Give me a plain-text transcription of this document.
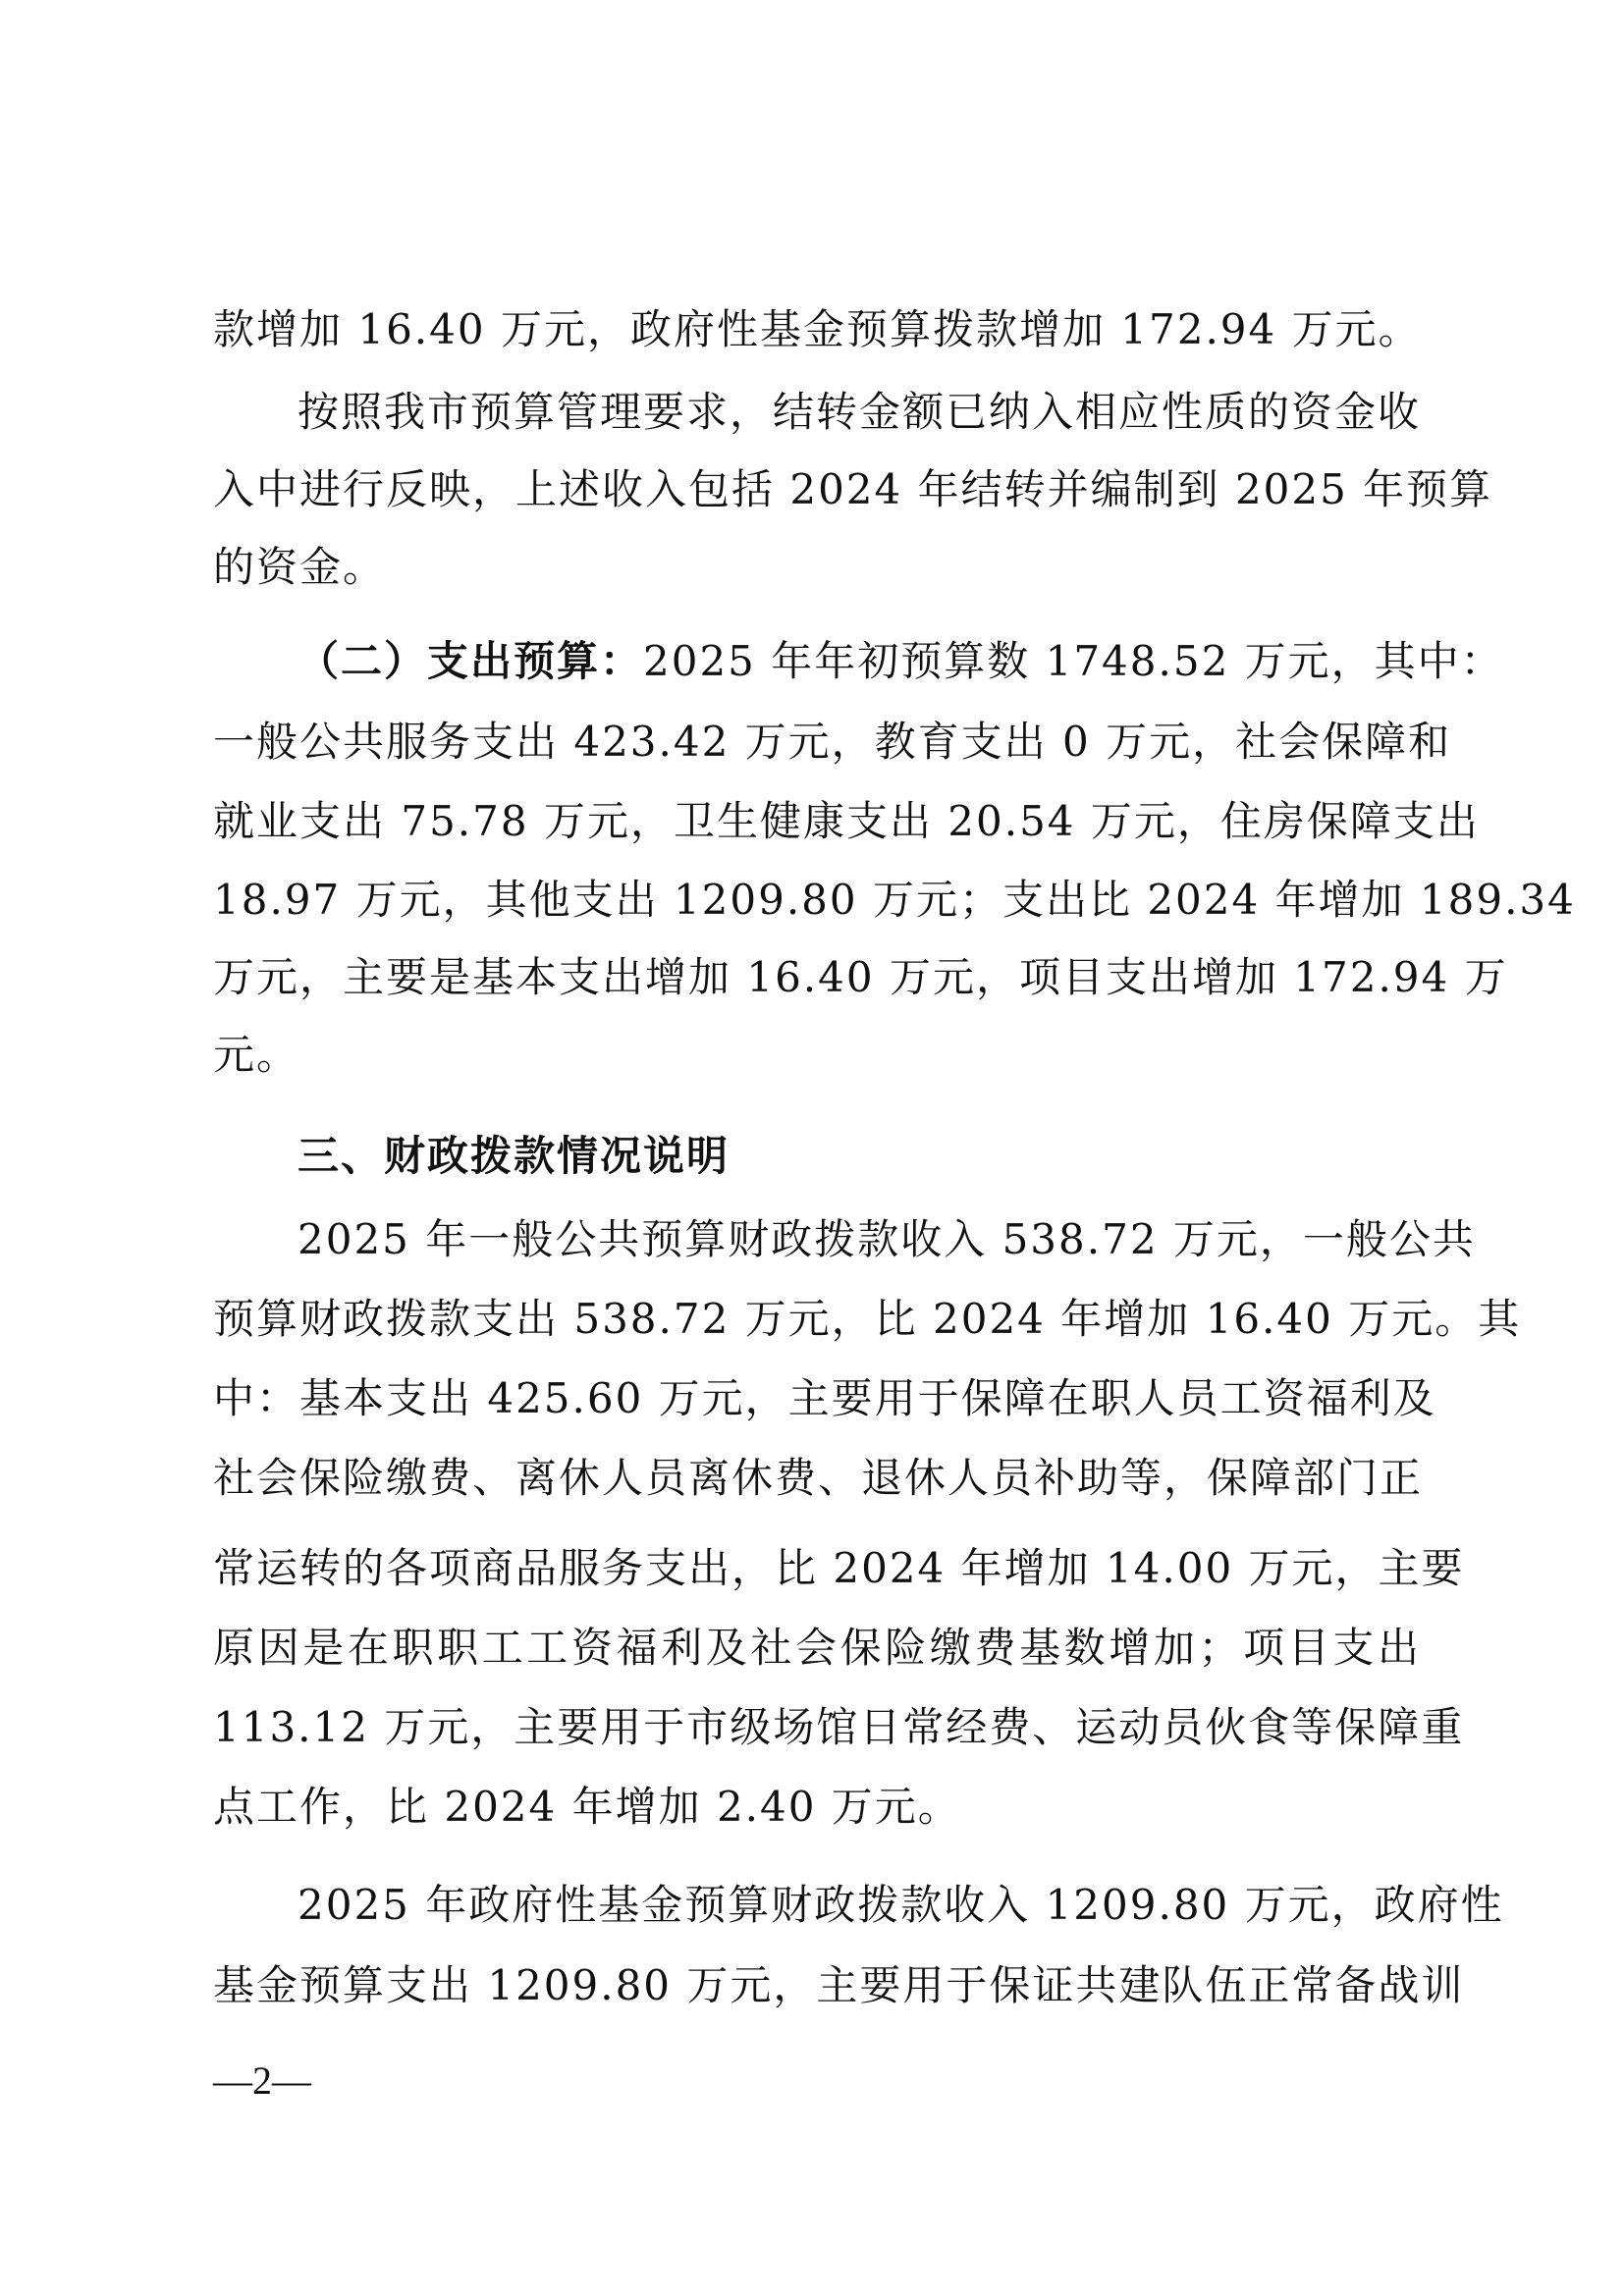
款增加 16.40 万元，政府性基金预算拨款增加 172.94 万元。
按照我市预算管理要求，结转金额已纳入相应性质的资金收
入中进行反映，上述收入包括 2024 年结转并编制到 2025 年预算
的资金。
（二）支出预算： 2025 年年初预算数 1748.52 万元，其中：
一般公共服务支出 423.42 万元，教育支出 0 万元，社会保障和
就业支出 75.78 万元，卫生健康支出 20.54 万元，住房保障支出
18.97 万元，其他支出 1209.80 万元；支出比 2024 年增加 189.34
万元，主要是基本支出增加 16.40 万元，项目支出增加 172.94 万
元。
三、财政拨款情况说明
2025 年一般公共预算财政拨款收入 538.72 万元，一般公共
预算财政拨款支出 538.72 万元，比 2024 年增加 16.40 万元。其
中：基本支出 425.60 万元，主要用于保障在职人员工资福利及
社会保险缴费、离休人员离休费、退休人员补助等，保障部门正
常运转的各项商品服务支出，比 2024 年增加 14.00 万元，主要
原因是在职职工工资福利及社会保险缴费基数增加；项目支出
113.12 万元，主要用于市级场馆日常经费、运动员伙食等保障重
点工作，比 2024 年增加 2.40 万元。
2025 年政府性基金预算财政拨款收入 1209.80 万元，政府性
基金预算支出 1209.80 万元，主要用于保证共建队伍正常备战训
—2—
